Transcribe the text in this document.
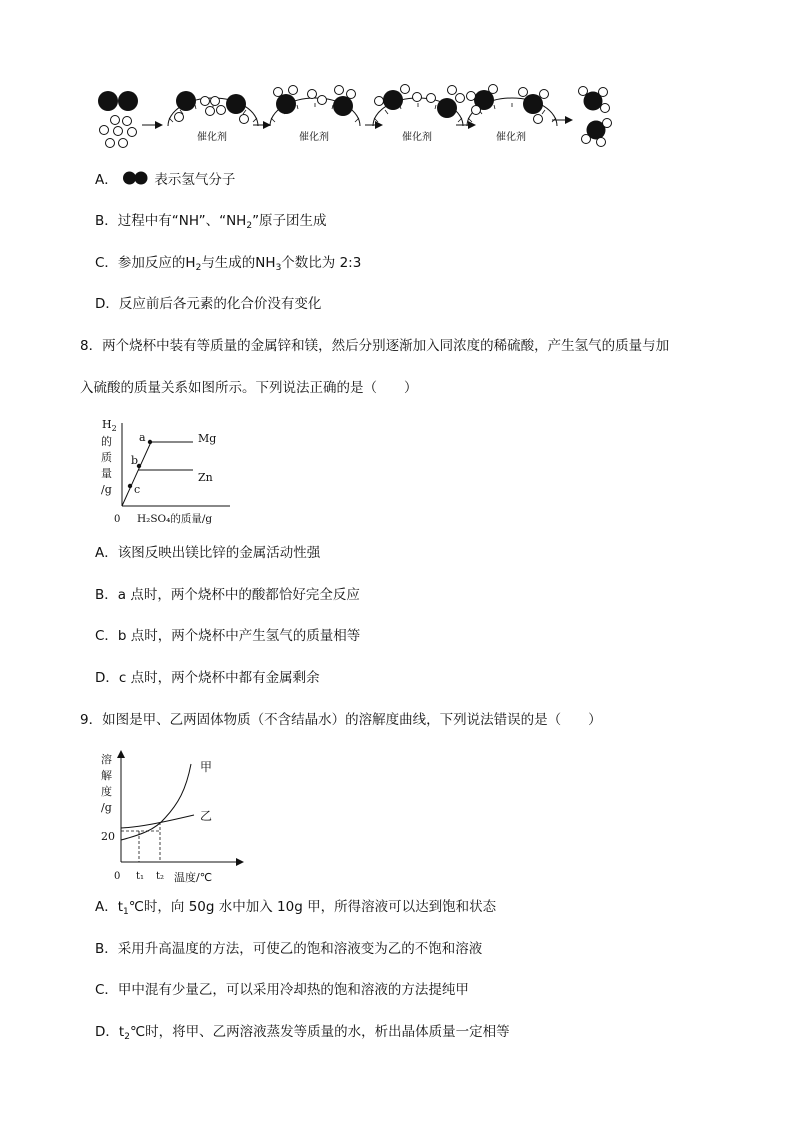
催化剂	催化剂	催化剂	催化剂
A．	表示氢气分子
B．过程中有“NH”、“$NH_2$”原子团生成
C．参加反应的$H_2$与生成的$NH_3$个数比为 2:3
D．反应前后各元素的化合价没有变化
8．两个烧杯中装有等质量的金属锌和镁，然后分别逐渐加入同浓度的稀硫酸，产生氢气的质量与加
入硫酸的质量关系如图所示。下列说法正确的是（　　）
$H_2$
的
质
量
/g
0 H₂SO₄的质量/g
a
b
c
Mg
Zn
A．该图反映出镁比锌的金属活动性强
B．a 点时，两个烧杯中的酸都恰好完全反应
C．b 点时，两个烧杯中产生氢气的质量相等
D．c 点时，两个烧杯中都有金属剩余
9．如图是甲、乙两固体物质（不含结晶水）的溶解度曲线，下列说法错误的是（　　）
溶
解
度
/g
20
0 t₁ t₂ 温度/℃
甲
乙
A．$t_1℃$时，向 50g 水中加入 10g 甲，所得溶液可以达到饱和状态
B．采用升高温度的方法，可使乙的饱和溶液变为乙的不饱和溶液
C．甲中混有少量乙，可以采用冷却热的饱和溶液的方法提纯甲
D．$t_2℃$时，将甲、乙两溶液蒸发等质量的水，析出晶体质量一定相等
